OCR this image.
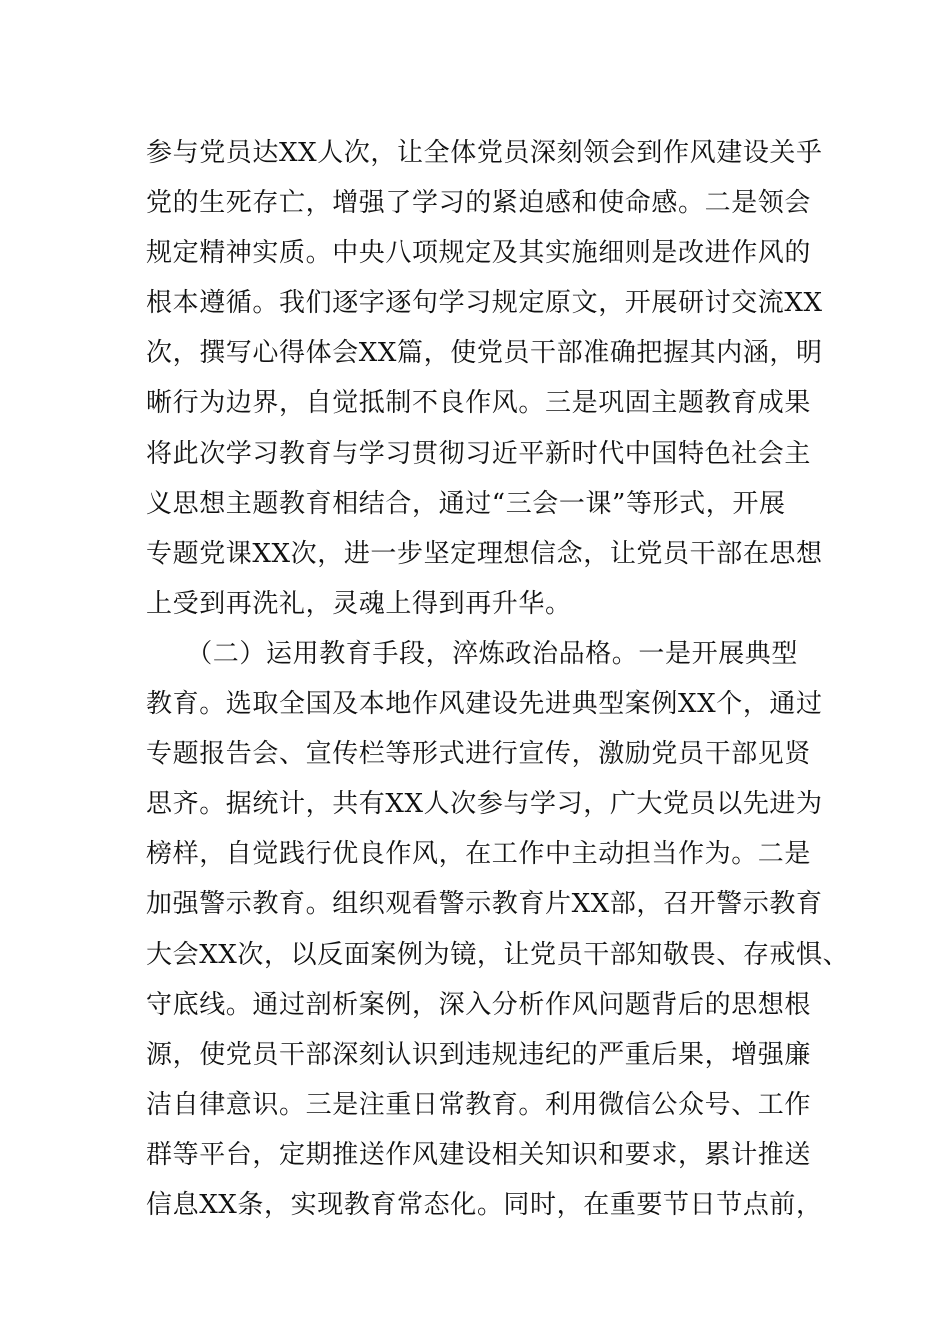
参与党员达XX人次，让全体党员深刻领会到作风建设关乎
党的生死存亡，增强了学习的紧迫感和使命感。二是领会
规定精神实质。中央八项规定及其实施细则是改进作风的
根本遵循。我们逐字逐句学习规定原文，开展研讨交流XX
次，撰写心得体会XX篇，使党员干部准确把握其内涵，明
晰行为边界，自觉抵制不良作风。三是巩固主题教育成果
将此次学习教育与学习贯彻习近平新时代中国特色社会主
义思想主题教育相结合，通过“三会一课”等形式，开展
专题党课XX次，进一步坚定理想信念，让党员干部在思想
上受到再洗礼，灵魂上得到再升华。
　　（二）运用教育手段，淬炼政治品格。一是开展典型
教育。选取全国及本地作风建设先进典型案例XX个，通过
专题报告会、宣传栏等形式进行宣传，激励党员干部见贤
思齐。据统计，共有XX人次参与学习，广大党员以先进为
榜样，自觉践行优良作风，在工作中主动担当作为。二是
加强警示教育。组织观看警示教育片XX部，召开警示教育
大会XX次，以反面案例为镜，让党员干部知敬畏、存戒惧、
守底线。通过剖析案例，深入分析作风问题背后的思想根
源，使党员干部深刻认识到违规违纪的严重后果，增强廉
洁自律意识。三是注重日常教育。利用微信公众号、工作
群等平台，定期推送作风建设相关知识和要求，累计推送
信息XX条，实现教育常态化。同时，在重要节日节点前，
